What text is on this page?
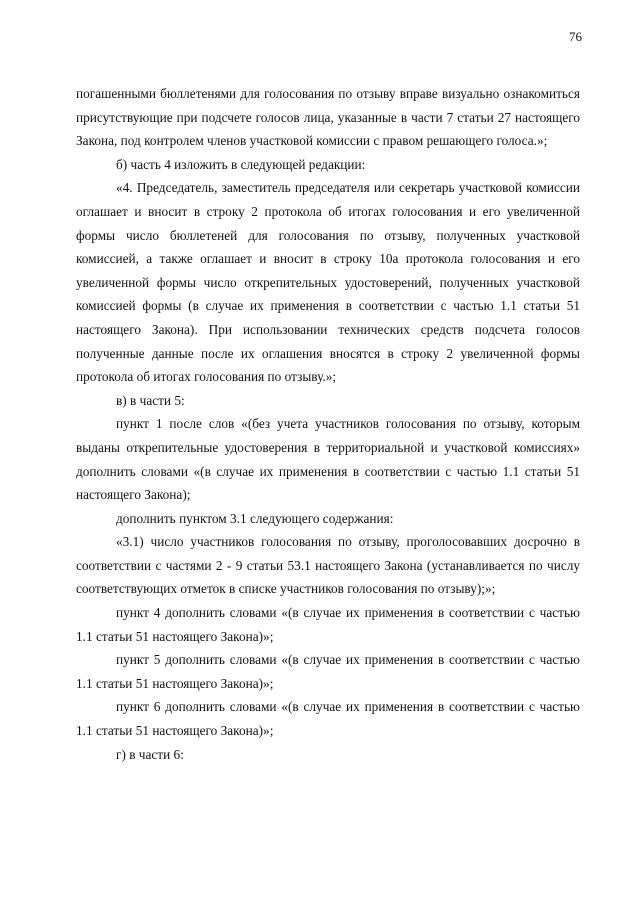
76

погашенными бюллетенями для голосования по отзыву вправе визуально ознакомиться присутствующие при подсчете голосов лица, указанные в части 7 статьи 27 настоящего Закона, под контролем членов участковой комиссии с правом решающего голоса.»;

б) часть 4 изложить в следующей редакции:

«4. Председатель, заместитель председателя или секретарь участковой комиссии оглашает и вносит в строку 2 протокола об итогах голосования и его увеличенной формы число бюллетеней для голосования по отзыву, полученных участковой комиссией, а также оглашает и вносит в строку 10а протокола голосования и его увеличенной формы число открепительных удостоверений, полученных участковой комиссией формы (в случае их применения в соответствии с частью 1.1 статьи 51 настоящего Закона). При использовании технических средств подсчета голосов полученные данные после их оглашения вносятся в строку 2 увеличенной формы протокола об итогах голосования по отзыву.»;

в) в части 5:

пункт 1 после слов «(без учета участников голосования по отзыву, которым выданы открепительные удостоверения в территориальной и участковой комиссиях» дополнить словами «(в случае их применения в соответствии с частью 1.1 статьи 51 настоящего Закона);

дополнить пунктом 3.1 следующего содержания:

«3.1) число участников голосования по отзыву, проголосовавших досрочно в соответствии с частями 2 - 9 статьи 53.1 настоящего Закона (устанавливается по числу соответствующих отметок в списке участников голосования по отзыву);»;

пункт 4 дополнить словами «(в случае их применения в соответствии с частью 1.1 статьи 51 настоящего Закона)»;

пункт 5 дополнить словами «(в случае их применения в соответствии с частью 1.1 статьи 51 настоящего Закона)»;

пункт 6 дополнить словами «(в случае их применения в соответствии с частью 1.1 статьи 51 настоящего Закона)»;

г) в части 6:
